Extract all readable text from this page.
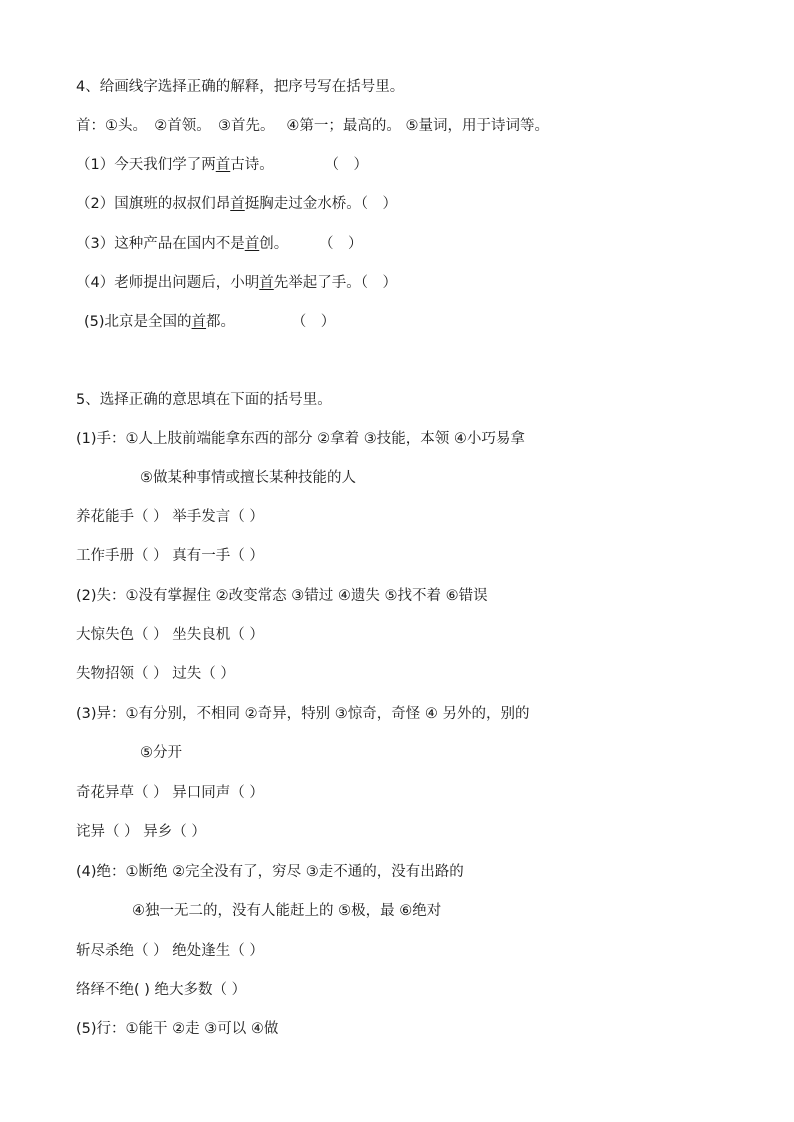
4、给画线字选择正确的解释，把序号写在括号里。
首：①头。　②首领。　③首先。　 ④第一；最高的。 ⑤量词，用于诗词等。
（1）今天我们学了两首古诗。	（　）
（2）国旗班的叔叔们昂首挺胸走过金水桥。（　）
（3）这种产品在国内不是首创。	（　）
（4）老师提出问题后，小明首先举起了手。（　）
(5)北京是全国的首都。	（　）
5、选择正确的意思填在下面的括号里。
(1)手：①人上肢前端能拿东西的部分 ②拿着 ③技能，本领 ④小巧易拿
⑤做某种事情或擅长某种技能的人
养花能手（ ） 举手发言（ ）
工作手册（ ） 真有一手（ ）
(2)失：①没有掌握住 ②改变常态 ③错过 ④遗失 ⑤找不着 ⑥错误
大惊失色（ ） 坐失良机（ ）
失物招领（ ） 过失（ ）
(3)异：①有分别，不相同 ②奇异，特别 ③惊奇，奇怪 ④ 另外的，别的
⑤分开
奇花异草（ ） 异口同声（ ）
诧异（ ） 异乡（ ）
(4)绝：①断绝 ②完全没有了，穷尽 ③走不通的，没有出路的
④独一无二的，没有人能赶上的 ⑤极，最 ⑥绝对
斩尽杀绝（ ） 绝处逢生（ ）
络绎不绝( ) 绝大多数（ ）
(5)行：①能干 ②走 ③可以 ④做
